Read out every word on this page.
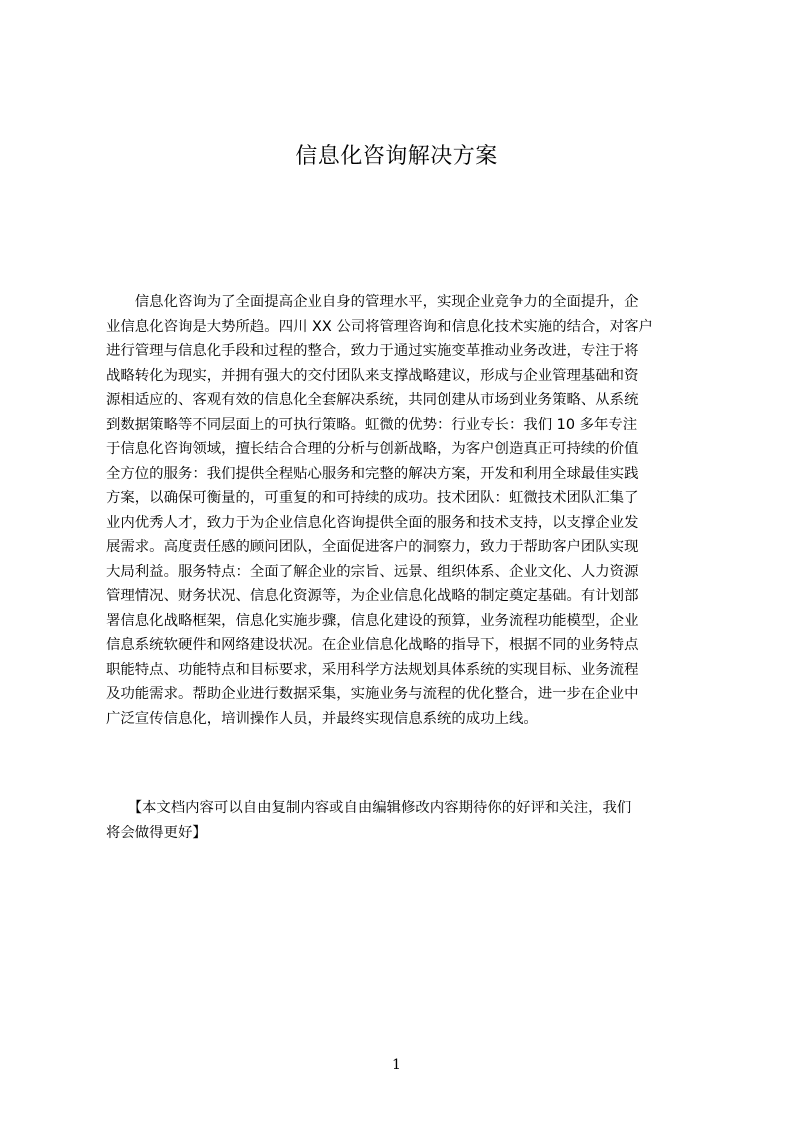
信息化咨询解决方案
　　信息化咨询为了全面提高企业自身的管理水平，实现企业竞争力的全面提升，企
业信息化咨询是大势所趋。四川 XX 公司将管理咨询和信息化技术实施的结合，对客户
进行管理与信息化手段和过程的整合，致力于通过实施变革推动业务改进，专注于将
战略转化为现实，并拥有强大的交付团队来支撑战略建议，形成与企业管理基础和资
源相适应的、客观有效的信息化全套解决系统，共同创建从市场到业务策略、从系统
到数据策略等不同层面上的可执行策略。虹微的优势：行业专长：我们 10 多年专注
于信息化咨询领域，擅长结合合理的分析与创新战略，为客户创造真正可持续的价值
全方位的服务：我们提供全程贴心服务和完整的解决方案，开发和利用全球最佳实践
方案，以确保可衡量的，可重复的和可持续的成功。技术团队：虹微技术团队汇集了
业内优秀人才，致力于为企业信息化咨询提供全面的服务和技术支持，以支撑企业发
展需求。高度责任感的顾问团队，全面促进客户的洞察力，致力于帮助客户团队实现
大局利益。服务特点：全面了解企业的宗旨、远景、组织体系、企业文化、人力资源
管理情况、财务状况、信息化资源等，为企业信息化战略的制定奠定基础。有计划部
署信息化战略框架，信息化实施步骤，信息化建设的预算，业务流程功能模型，企业
信息系统软硬件和网络建设状况。在企业信息化战略的指导下，根据不同的业务特点
职能特点、功能特点和目标要求，采用科学方法规划具体系统的实现目标、业务流程
及功能需求。帮助企业进行数据采集，实施业务与流程的优化整合，进一步在企业中
广泛宣传信息化，培训操作人员，并最终实现信息系统的成功上线。
　　【本文档内容可以自由复制内容或自由编辑修改内容期待你的好评和关注，我们
将会做得更好】
1
